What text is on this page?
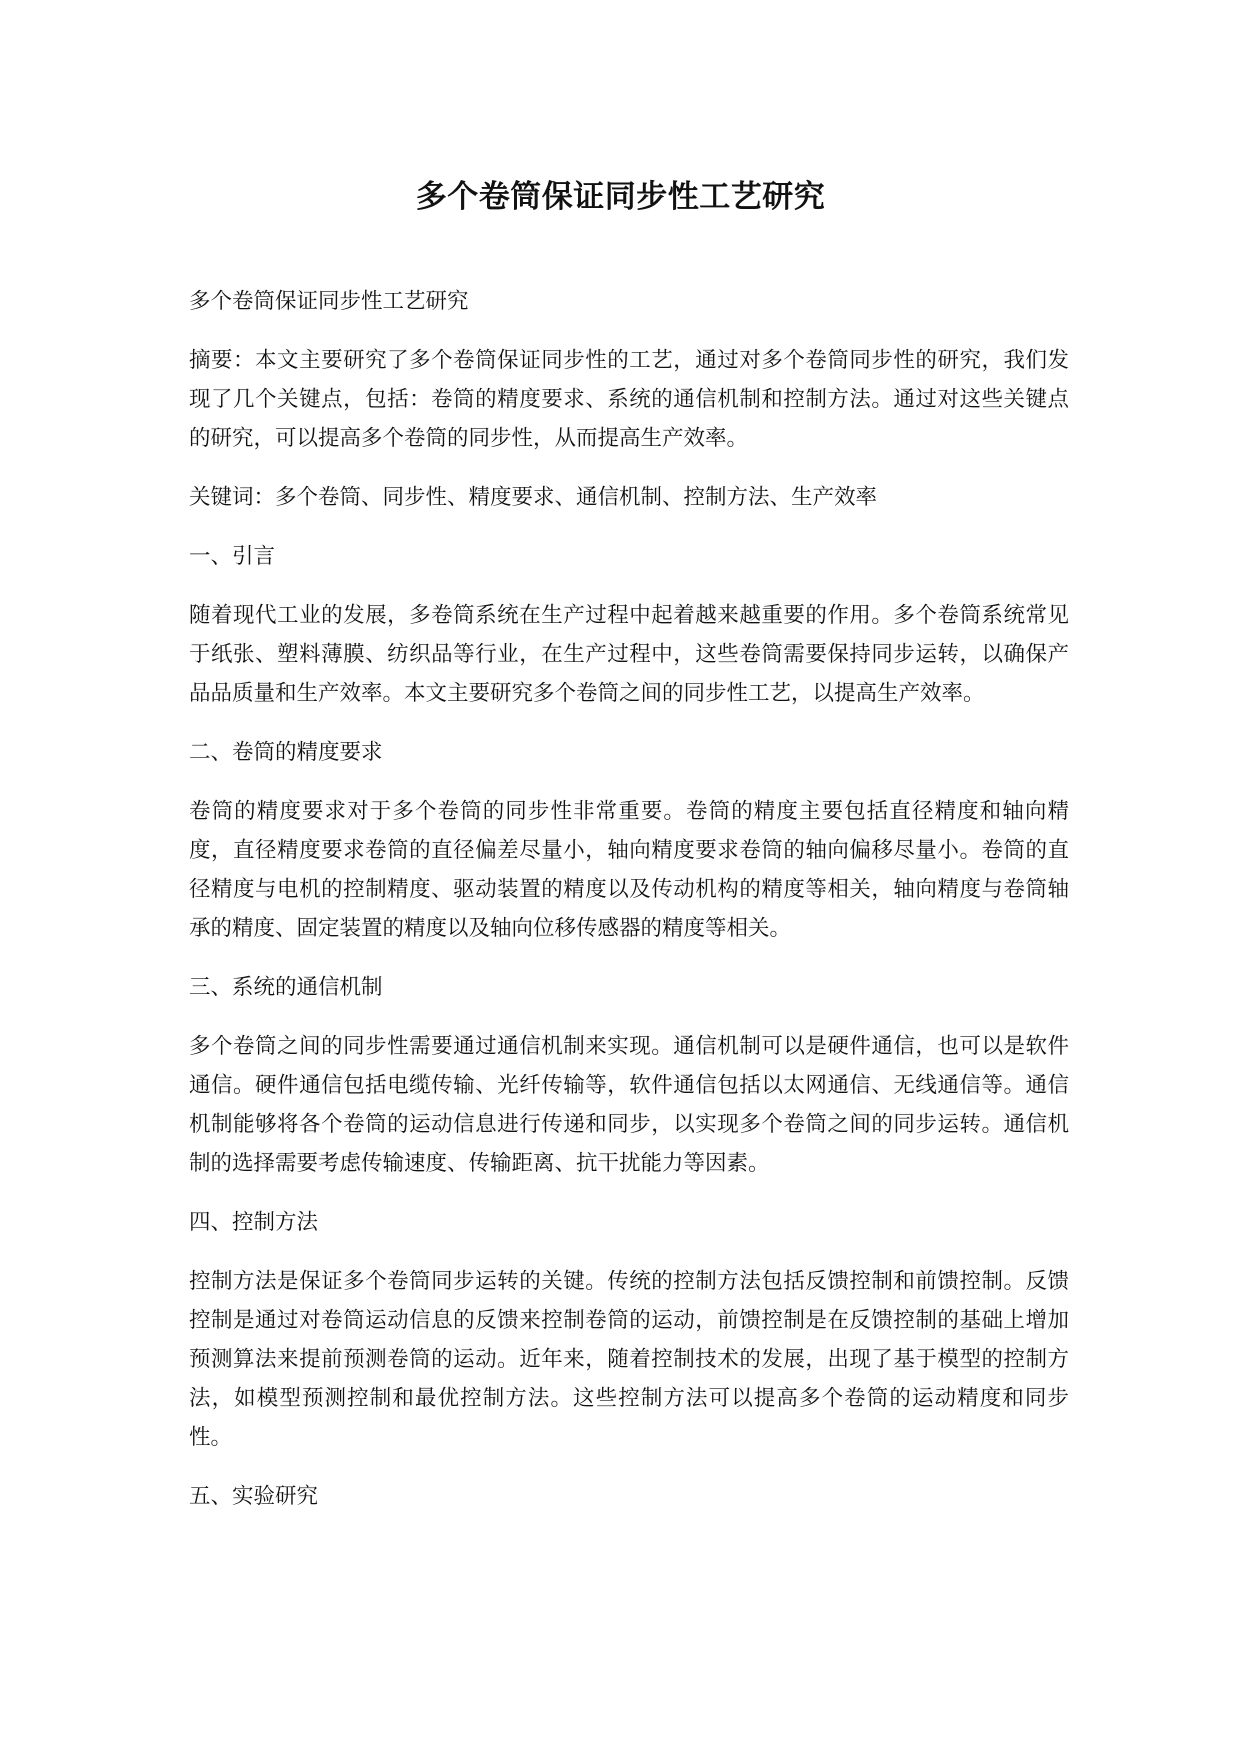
多个卷筒保证同步性工艺研究

多个卷筒保证同步性工艺研究

摘要：本文主要研究了多个卷筒保证同步性的工艺，通过对多个卷筒同步性的研究，我们发现了几个关键点，包括：卷筒的精度要求、系统的通信机制和控制方法。通过对这些关键点的研究，可以提高多个卷筒的同步性，从而提高生产效率。

关键词：多个卷筒、同步性、精度要求、通信机制、控制方法、生产效率

一、引言

随着现代工业的发展，多卷筒系统在生产过程中起着越来越重要的作用。多个卷筒系统常见于纸张、塑料薄膜、纺织品等行业，在生产过程中，这些卷筒需要保持同步运转，以确保产品品质量和生产效率。本文主要研究多个卷筒之间的同步性工艺，以提高生产效率。

二、卷筒的精度要求

卷筒的精度要求对于多个卷筒的同步性非常重要。卷筒的精度主要包括直径精度和轴向精度，直径精度要求卷筒的直径偏差尽量小，轴向精度要求卷筒的轴向偏移尽量小。卷筒的直径精度与电机的控制精度、驱动装置的精度以及传动机构的精度等相关，轴向精度与卷筒轴承的精度、固定装置的精度以及轴向位移传感器的精度等相关。

三、系统的通信机制

多个卷筒之间的同步性需要通过通信机制来实现。通信机制可以是硬件通信，也可以是软件通信。硬件通信包括电缆传输、光纤传输等，软件通信包括以太网通信、无线通信等。通信机制能够将各个卷筒的运动信息进行传递和同步，以实现多个卷筒之间的同步运转。通信机制的选择需要考虑传输速度、传输距离、抗干扰能力等因素。

四、控制方法

控制方法是保证多个卷筒同步运转的关键。传统的控制方法包括反馈控制和前馈控制。反馈控制是通过对卷筒运动信息的反馈来控制卷筒的运动，前馈控制是在反馈控制的基础上增加预测算法来提前预测卷筒的运动。近年来，随着控制技术的发展，出现了基于模型的控制方法，如模型预测控制和最优控制方法。这些控制方法可以提高多个卷筒的运动精度和同步性。

五、实验研究
